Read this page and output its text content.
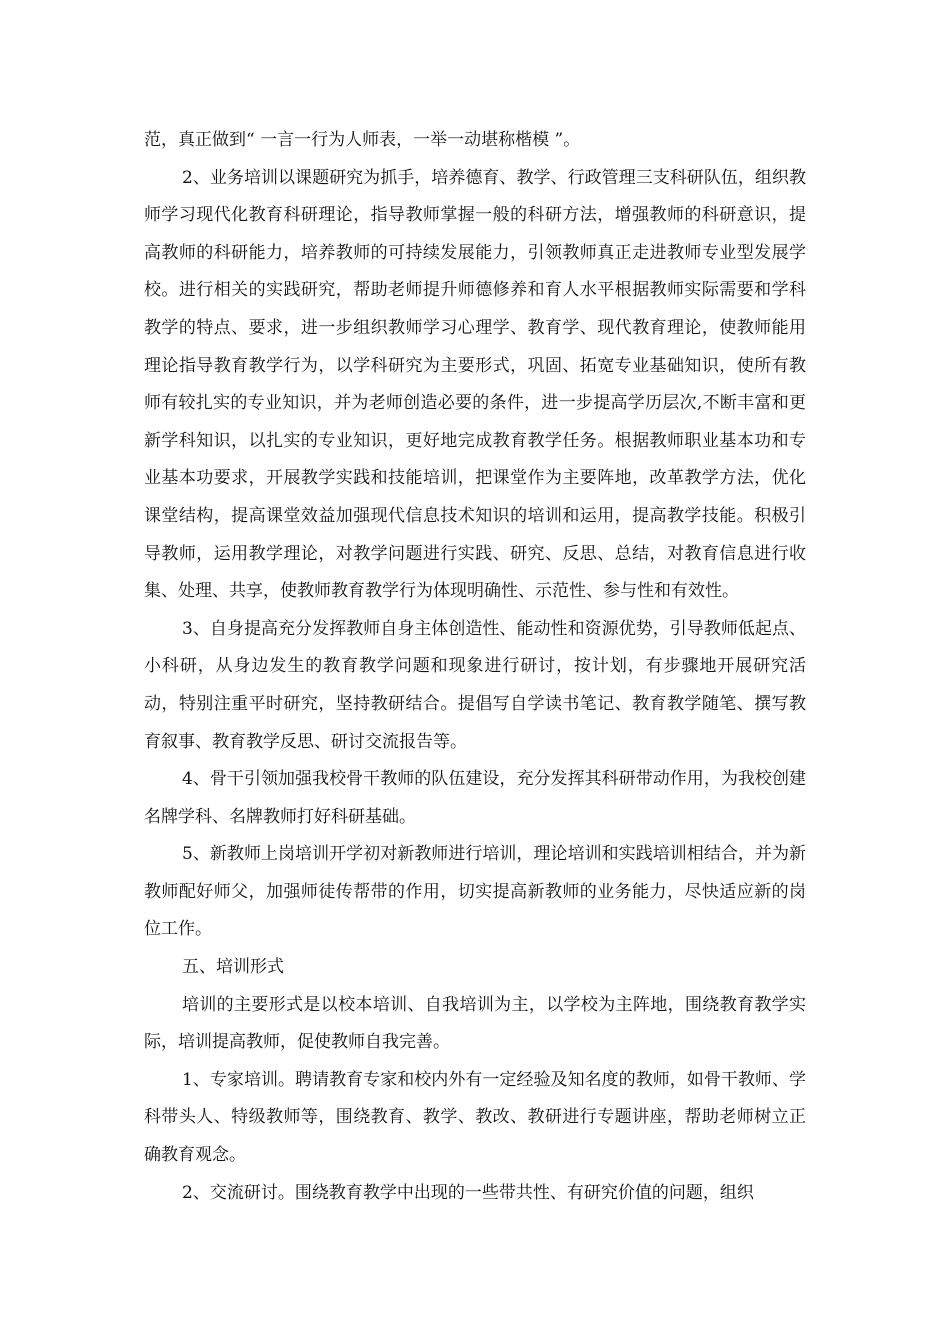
范，真正做到“ 一言一行为人师表，一举一动堪称楷模 ”。

2、业务培训以课题研究为抓手，培养德育、教学、行政管理三支科研队伍，组织教师学习现代化教育科研理论，指导教师掌握一般的科研方法，增强教师的科研意识，提高教师的科研能力，培养教师的可持续发展能力，引领教师真正走进教师专业型发展学校。进行相关的实践研究，帮助老师提升师德修养和育人水平根据教师实际需要和学科教学的特点、要求，进一步组织教师学习心理学、教育学、现代教育理论，使教师能用理论指导教育教学行为，以学科研究为主要形式，巩固、拓宽专业基础知识，使所有教师有较扎实的专业知识，并为老师创造必要的条件，进一步提高学历层次,不断丰富和更新学科知识，以扎实的专业知识，更好地完成教育教学任务。根据教师职业基本功和专业基本功要求，开展教学实践和技能培训，把课堂作为主要阵地，改革教学方法，优化课堂结构，提高课堂效益加强现代信息技术知识的培训和运用，提高教学技能。积极引导教师，运用教学理论，对教学问题进行实践、研究、反思、总结，对教育信息进行收集、处理、共享，使教师教育教学行为体现明确性、示范性、参与性和有效性。

3、自身提高充分发挥教师自身主体创造性、能动性和资源优势，引导教师低起点、小科研，从身边发生的教育教学问题和现象进行研讨，按计划，有步骤地开展研究活动，特别注重平时研究，坚持教研结合。提倡写自学读书笔记、教育教学随笔、撰写教育叙事、教育教学反思、研讨交流报告等。

4、骨干引领加强我校骨干教师的队伍建设，充分发挥其科研带动作用，为我校创建名牌学科、名牌教师打好科研基础。

5、新教师上岗培训开学初对新教师进行培训，理论培训和实践培训相结合，并为新教师配好师父，加强师徒传帮带的作用，切实提高新教师的业务能力，尽快适应新的岗位工作。

五、培训形式

培训的主要形式是以校本培训、自我培训为主，以学校为主阵地，围绕教育教学实际，培训提高教师，促使教师自我完善。

1、专家培训。聘请教育专家和校内外有一定经验及知名度的教师，如骨干教师、学科带头人、特级教师等，围绕教育、教学、教改、教研进行专题讲座，帮助老师树立正确教育观念。

2、交流研讨。围绕教育教学中出现的一些带共性、有研究价值的问题，组织
